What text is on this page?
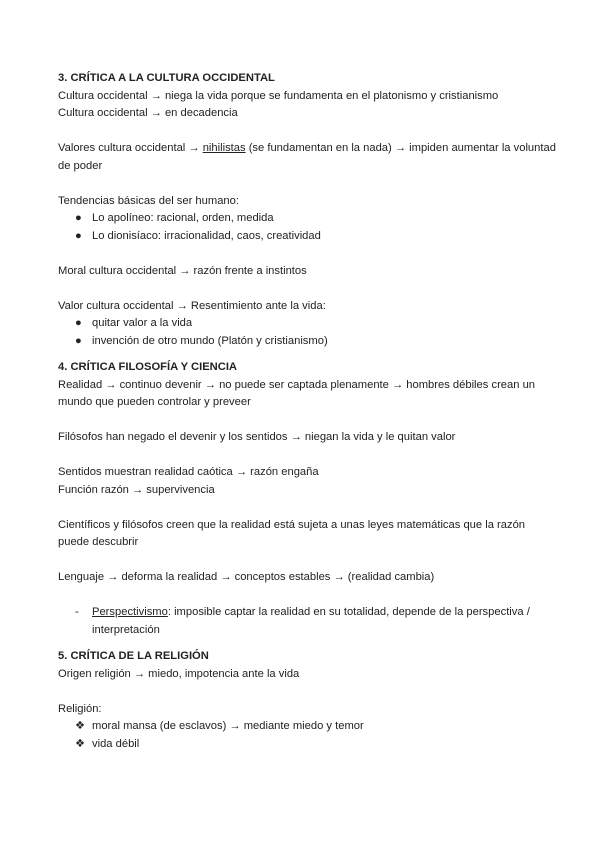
3. CRÍTICA A LA CULTURA OCCIDENTAL

Cultura occidental → niega la vida porque se fundamenta en el platonismo y cristianismo

Cultura occidental → en decadencia

Valores cultura occidental → nihilistas (se fundamentan en la nada) → impiden aumentar la voluntad de poder

Tendencias básicas del ser humano:

● Lo apolíneo: racional, orden, medida
● Lo dionisíaco: irracionalidad, caos, creatividad

Moral cultura occidental → razón frente a instintos

Valor cultura occidental → Resentimiento ante la vida:

● quitar valor a la vida
● invención de otro mundo (Platón y cristianismo)

4. CRÍTICA FILOSOFÍA Y CIENCIA

Realidad → continuo devenir → no puede ser captada plenamente → hombres débiles crean un mundo que pueden controlar y preveer

Filósofos han negado el devenir y los sentidos → niegan la vida y le quitan valor

Sentidos muestran realidad caótica → razón engaña

Función razón → supervivencia

Científicos y filósofos creen que la realidad está sujeta a unas leyes matemáticas que la razón puede descubrir

Lenguaje → deforma la realidad → conceptos estables → (realidad cambia)

-	Perspectivismo: imposible captar la realidad en su totalidad, depende de la perspectiva / interpretación

5. CRÍTICA DE LA RELIGIÓN

Origen religión → miedo, impotencia ante la vida

Religión:

❖ moral mansa (de esclavos) → mediante miedo y temor
❖ vida débil
